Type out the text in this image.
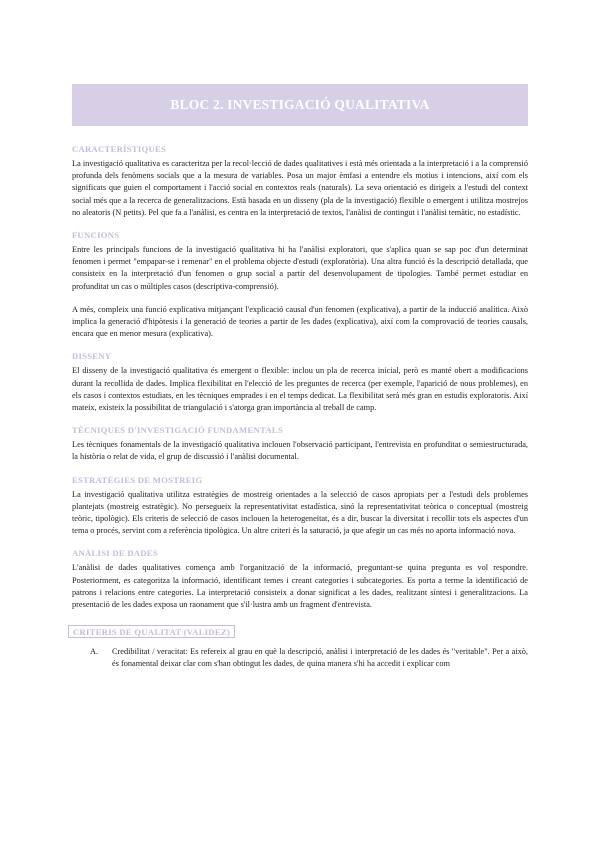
BLOC 2. INVESTIGACIÓ QUALITATIVA
CARACTERÍSTIQUES

La investigació qualitativa es caracteritza per la recol·lecció de dades qualitatives i està més orientada a la interpretació i a la comprensió profunda dels fenòmens socials que a la mesura de variables. Posa un major èmfasi a entendre els motius i intencions, així com els significats que guien el comportament i l'acció social en contextos reals (naturals). La seva orientació es dirigeix a l'estudi del context social més que a la recerca de generalitzacions. Està basada en un disseny (pla de la investigació) flexible o emergent i utilitza mostrejos no aleatoris (N petits). Pel que fa a l'anàlisi, es centra en la interpretació de textos, l'anàlisi de contingut i l'anàlisi temàtic, no estadístic.

FUNCIONS

Entre les principals funcions de la investigació qualitativa hi ha l'anàlisi exploratori, que s'aplica quan se sap poc d'un determinat fenomen i permet "empapar-se i remenar" en el problema objecte d'estudi (exploratòria). Una altra funció és la descripció detallada, que consisteix en la interpretació d'un fenomen o grup social a partir del desenvolupament de tipologies. També permet estudiar en profunditat un cas o múltiples casos (descriptiva-comprensió).

A més, compleix una funció explicativa mitjançant l'explicació causal d'un fenomen (explicativa), a partir de la inducció analítica. Això implica la generació d'hipòtesis i la generació de teories a partir de les dades (explicativa), així com la comprovació de teories causals, encara que en menor mesura (explicativa).

DISSENY

El disseny de la investigació qualitativa és emergent o flexible: inclou un pla de recerca inicial, però es manté obert a modificacions durant la recollida de dades. Implica flexibilitat en l'elecció de les preguntes de recerca (per exemple, l'aparició de nous problemes), en els casos i contextos estudiats, en les tècniques emprades i en el temps dedicat. La flexibilitat serà més gran en estudis exploratoris. Així mateix, existeix la possibilitat de triangulació i s'atorga gran importància al treball de camp.

TÈCNIQUES D'INVESTIGACIÓ FUNDAMENTALS

Les tècniques fonamentals de la investigació qualitativa inclouen l'observació participant, l'entrevista en profunditat o semiestructurada, la història o relat de vida, el grup de discussió i l'anàlisi documental.

ESTRATÈGIES DE MOSTREIG

La investigació qualitativa utilitza estratègies de mostreig orientades a la selecció de casos apropiats per a l'estudi dels problemes plantejats (mostreig estratègic). No persegueix la representativitat estadística, sinó la representativitat teòrica o conceptual (mostreig teòric, tipològic). Els criteris de selecció de casos inclouen la heterogeneïtat, és a dir, buscar la diversitat i recollir tots els aspectes d'un tema o procés, servint com a referència tipològica. Un altre criteri és la saturació, ja que afegir un cas més no aporta informació nova.

ANÀLISI DE DADES

L'anàlisi de dades qualitatives comença amb l'organització de la informació, preguntant-se quina pregunta es vol respondre. Posteriorment, es categoritza la informació, identificant temes i creant categories i subcategories. Es porta a terme la identificació de patrons i relacions entre categories. La interpretació consisteix a donar significat a les dades, realitzant síntesi i generalitzacions. La presentació de les dades exposa un raonament que s'il·lustra amb un fragment d'entrevista.

CRITERIS DE QUALITAT (VALIDEZ)
A. Credibilitat / veracitat: Es refereix al grau en què la descripció, anàlisi i interpretació de les dades és "veritable". Per a això, és fonamental deixar clar com s'han obtingut les dades, de quina manera s'hi ha accedit i explicar com
